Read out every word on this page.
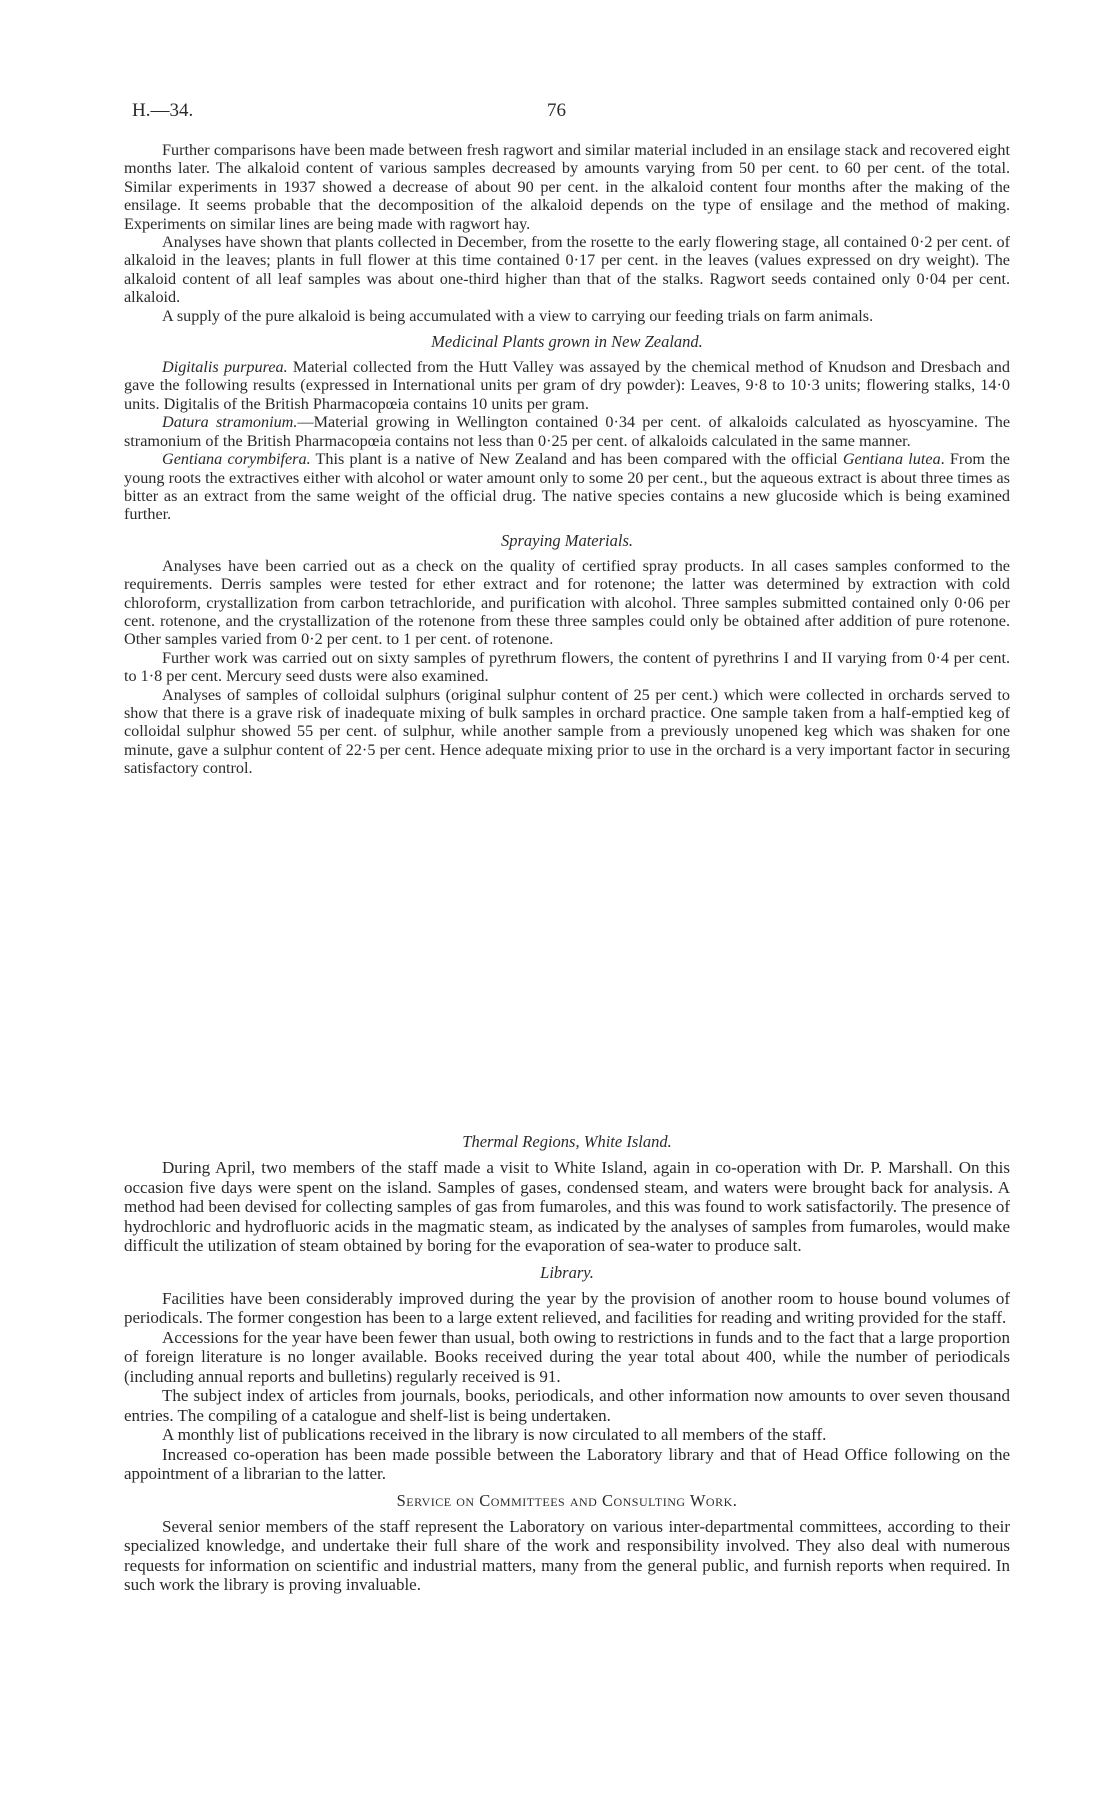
H.—34.	76

Further comparisons have been made between fresh ragwort and similar material included in an ensilage stack and recovered eight months later. The alkaloid content of various samples decreased by amounts varying from 50 per cent. to 60 per cent. of the total. Similar experiments in 1937 showed a decrease of about 90 per cent. in the alkaloid content four months after the making of the ensilage. It seems probable that the decomposition of the alkaloid depends on the type of ensilage and the method of making. Experiments on similar lines are being made with ragwort hay.

Analyses have shown that plants collected in December, from the rosette to the early flowering stage, all contained 0·2 per cent. of alkaloid in the leaves; plants in full flower at this time contained 0·17 per cent. in the leaves (values expressed on dry weight). The alkaloid content of all leaf samples was about one-third higher than that of the stalks. Ragwort seeds contained only 0·04 per cent. alkaloid.

A supply of the pure alkaloid is being accumulated with a view to carrying our feeding trials on farm animals.

Medicinal Plants grown in New Zealand.

Digitalis purpurea. Material collected from the Hutt Valley was assayed by the chemical method of Knudson and Dresbach and gave the following results (expressed in International units per gram of dry powder): Leaves, 9·8 to 10·3 units; flowering stalks, 14·0 units. Digitalis of the British Pharmacopœia contains 10 units per gram.

Datura stramonium.—Material growing in Wellington contained 0·34 per cent. of alkaloids calculated as hyoscyamine. The stramonium of the British Pharmacopœia contains not less than 0·25 per cent. of alkaloids calculated in the same manner.

Gentiana corymbifera. This plant is a native of New Zealand and has been compared with the official Gentiana lutea. From the young roots the extractives either with alcohol or water amount only to some 20 per cent., but the aqueous extract is about three times as bitter as an extract from the same weight of the official drug. The native species contains a new glucoside which is being examined further.

Spraying Materials.

Analyses have been carried out as a check on the quality of certified spray products. In all cases samples conformed to the requirements. Derris samples were tested for ether extract and for rotenone; the latter was determined by extraction with cold chloroform, crystallization from carbon tetrachloride, and purification with alcohol. Three samples submitted contained only 0·06 per cent. rotenone, and the crystallization of the rotenone from these three samples could only be obtained after addition of pure rotenone. Other samples varied from 0·2 per cent. to 1 per cent. of rotenone.

Further work was carried out on sixty samples of pyrethrum flowers, the content of pyrethrins I and II varying from 0·4 per cent. to 1·8 per cent. Mercury seed dusts were also examined.

Analyses of samples of colloidal sulphurs (original sulphur content of 25 per cent.) which were collected in orchards served to show that there is a grave risk of inadequate mixing of bulk samples in orchard practice. One sample taken from a half-emptied keg of colloidal sulphur showed 55 per cent. of sulphur, while another sample from a previously unopened keg which was shaken for one minute, gave a sulphur content of 22·5 per cent. Hence adequate mixing prior to use in the orchard is a very important factor in securing satisfactory control.

Thermal Regions, White Island.

During April, two members of the staff made a visit to White Island, again in co-operation with Dr. P. Marshall. On this occasion five days were spent on the island. Samples of gases, condensed steam, and waters were brought back for analysis. A method had been devised for collecting samples of gas from fumaroles, and this was found to work satisfactorily. The presence of hydrochloric and hydrofluoric acids in the magmatic steam, as indicated by the analyses of samples from fumaroles, would make difficult the utilization of steam obtained by boring for the evaporation of sea-water to produce salt.

Library.

Facilities have been considerably improved during the year by the provision of another room to house bound volumes of periodicals. The former congestion has been to a large extent relieved, and facilities for reading and writing provided for the staff.

Accessions for the year have been fewer than usual, both owing to restrictions in funds and to the fact that a large proportion of foreign literature is no longer available. Books received during the year total about 400, while the number of periodicals (including annual reports and bulletins) regularly received is 91.

The subject index of articles from journals, books, periodicals, and other information now amounts to over seven thousand entries. The compiling of a catalogue and shelf-list is being undertaken.

A monthly list of publications received in the library is now circulated to all members of the staff.

Increased co-operation has been made possible between the Laboratory library and that of Head Office following on the appointment of a librarian to the latter.

Service on Committees and Consulting Work.

Several senior members of the staff represent the Laboratory on various inter-departmental committees, according to their specialized knowledge, and undertake their full share of the work and responsibility involved. They also deal with numerous requests for information on scientific and industrial matters, many from the general public, and furnish reports when required. In such work the library is proving invaluable.
